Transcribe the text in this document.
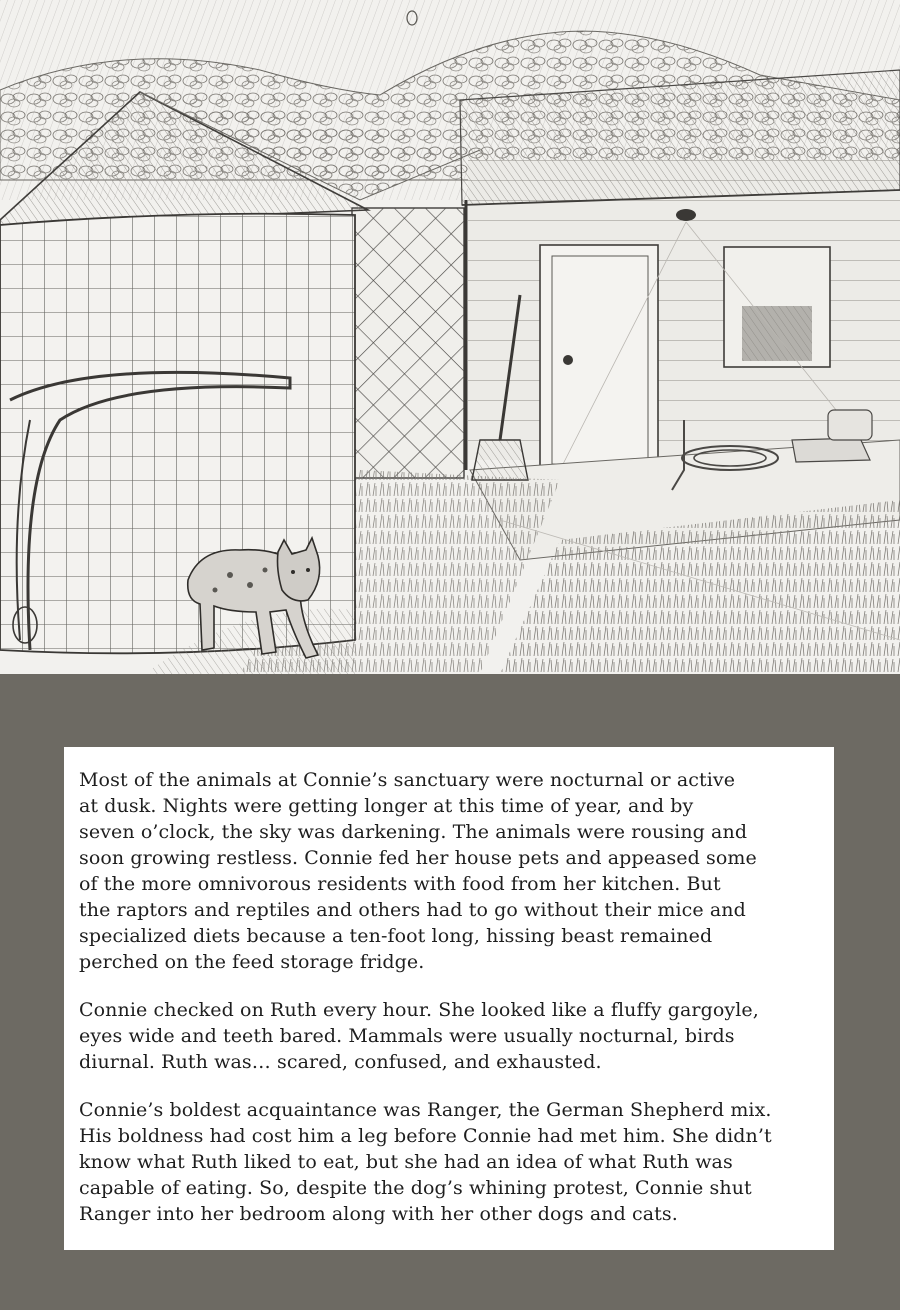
Most of the animals at Connie’s sanctuary were nocturnal or active
at dusk. Nights were getting longer at this time of year, and by
seven o’clock, the sky was darkening. The animals were rousing and
soon growing restless. Connie fed her house pets and appeased some
of the more omnivorous residents with food from her kitchen. But
the raptors and reptiles and others had to go without their mice and
specialized diets because a ten-foot long, hissing beast remained
perched on the feed storage fridge.

Connie checked on Ruth every hour. She looked like a fluffy gargoyle,
eyes wide and teeth bared. Mammals were usually nocturnal, birds
diurnal. Ruth was… scared, confused, and exhausted.

Connie’s boldest acquaintance was Ranger, the German Shepherd mix.
His boldness had cost him a leg before Connie had met him. She didn’t
know what Ruth liked to eat, but she had an idea of what Ruth was
capable of eating. So, despite the dog’s whining protest, Connie shut
Ranger into her bedroom along with her other dogs and cats.
